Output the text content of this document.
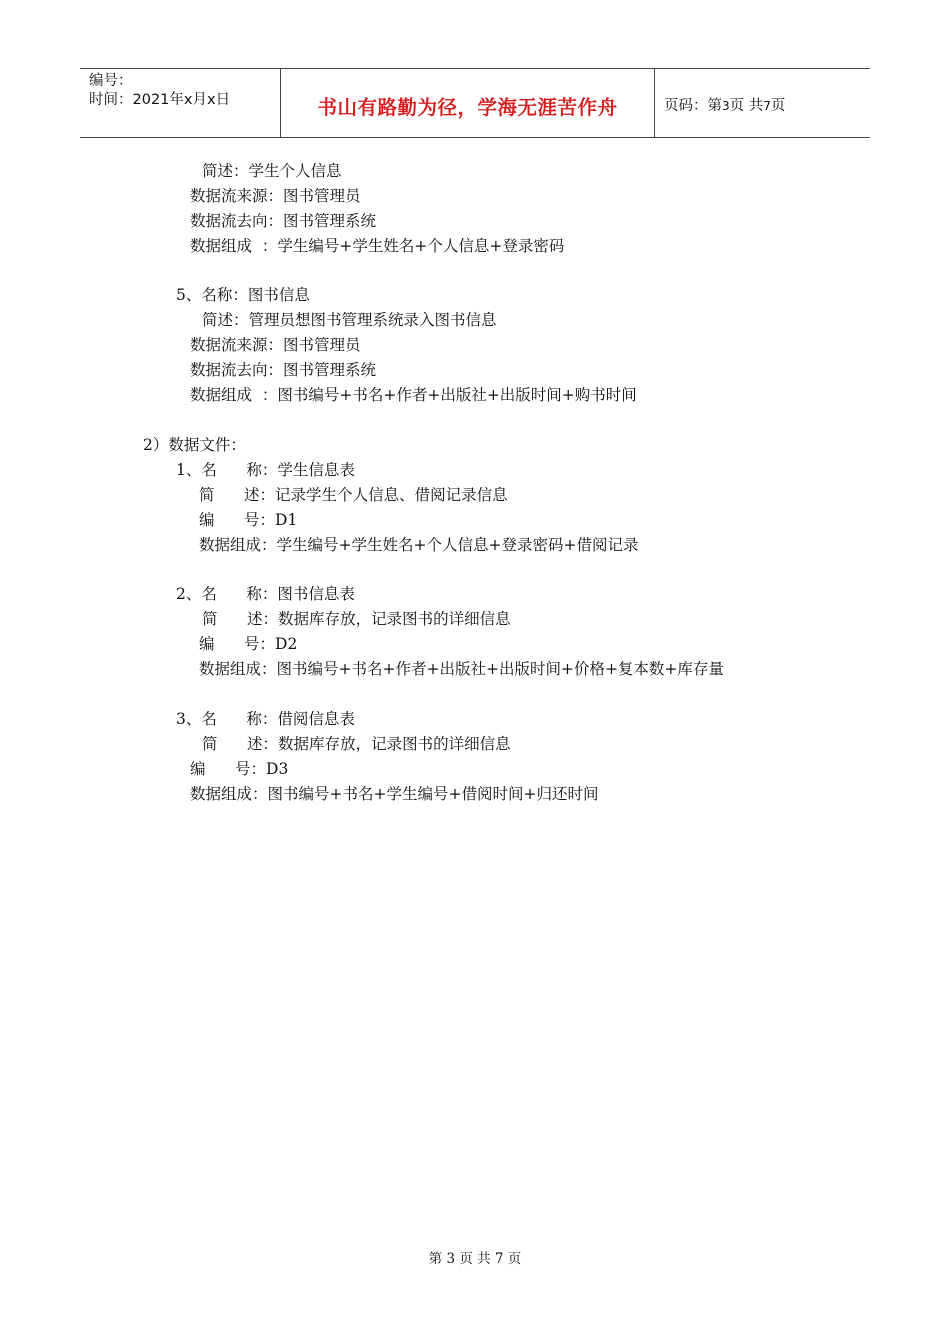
编号：
时间：2021年x月x日	书山有路勤为径，学海无涯苦作舟	页码：第3页 共7页
简述：学生个人信息
数据流来源：图书管理员
数据流去向：图书管理系统
数据组成  ：学生编号+学生姓名+个人信息+登录密码
5、名称：图书信息
简述：管理员想图书管理系统录入图书信息
数据流来源：图书管理员
数据流去向：图书管理系统
数据组成  ：图书编号+书名+作者+出版社+出版时间+购书时间
2）数据文件：
1、名      称：学生信息表
简      述：记录学生个人信息、借阅记录信息
编      号：D1
数据组成：学生编号+学生姓名+个人信息+登录密码+借阅记录
2、名      称：图书信息表
简      述：数据库存放，记录图书的详细信息
编      号：D2
数据组成：图书编号+书名+作者+出版社+出版时间+价格+复本数+库存量
3、名      称：借阅信息表
简      述：数据库存放，记录图书的详细信息
编      号：D3
数据组成：图书编号+书名+学生编号+借阅时间+归还时间
第 3 页 共 7 页
